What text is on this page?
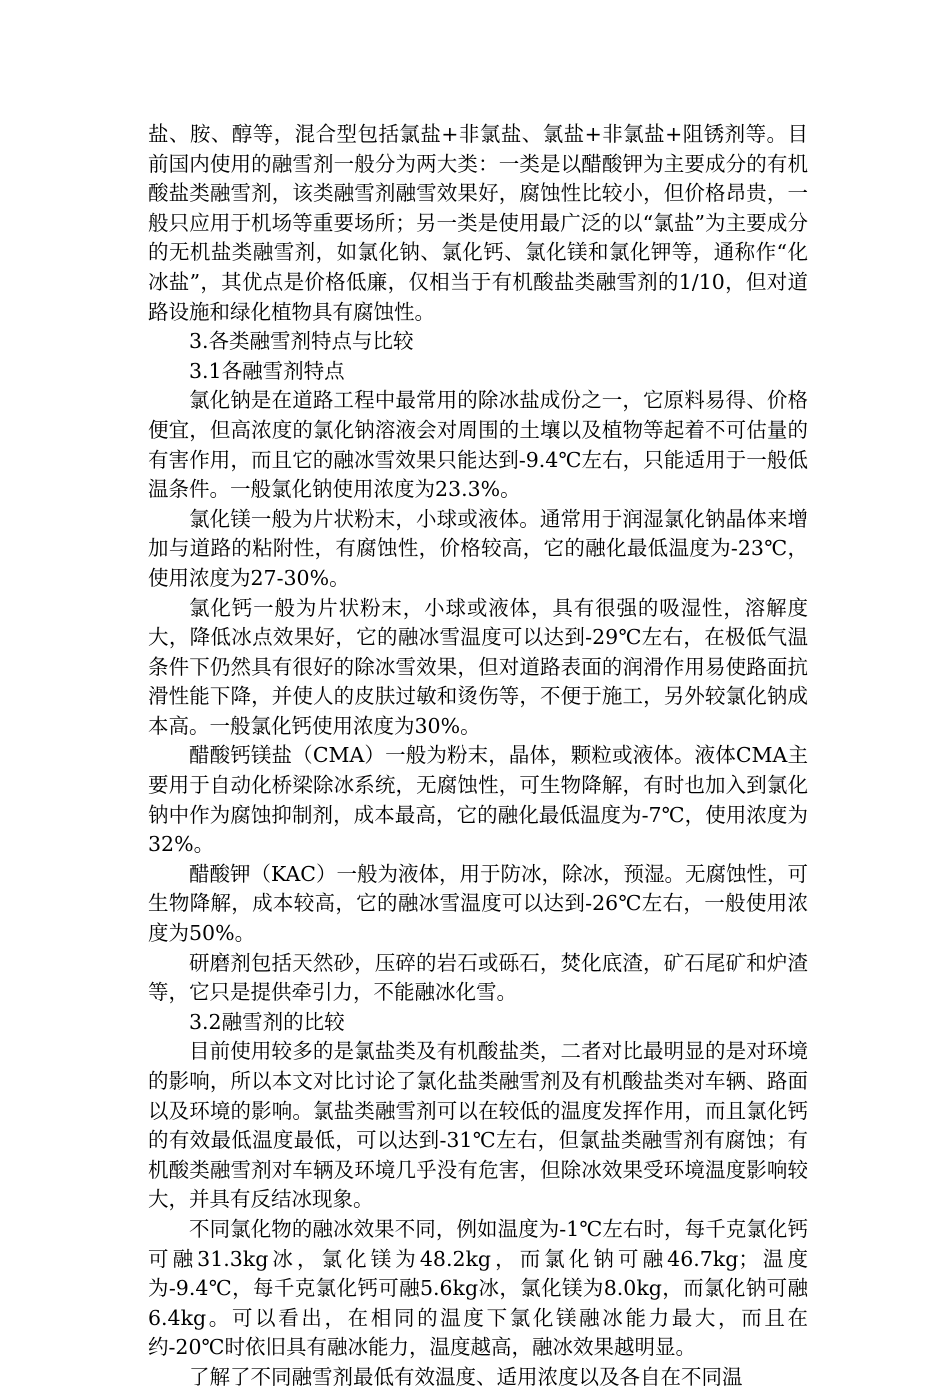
盐、胺、醇等，混合型包括氯盐+非氯盐、氯盐+非氯盐+阻锈剂等。目前国内使用的融雪剂一般分为两大类：一类是以醋酸钾为主要成分的有机酸盐类融雪剂，该类融雪剂融雪效果好，腐蚀性比较小，但价格昂贵，一般只应用于机场等重要场所；另一类是使用最广泛的以“氯盐”为主要成分的无机盐类融雪剂，如氯化钠、氯化钙、氯化镁和氯化钾等，通称作“化冰盐”，其优点是价格低廉，仅相当于有机酸盐类融雪剂的1/10，但对道路设施和绿化植物具有腐蚀性。

3.各类融雪剂特点与比较

3.1各融雪剂特点

氯化钠是在道路工程中最常用的除冰盐成份之一，它原料易得、价格便宜，但高浓度的氯化钠溶液会对周围的土壤以及植物等起着不可估量的有害作用，而且它的融冰雪效果只能达到-9.4℃左右，只能适用于一般低温条件。一般氯化钠使用浓度为23.3%。

氯化镁一般为片状粉末，小球或液体。通常用于润湿氯化钠晶体来增加与道路的粘附性，有腐蚀性，价格较高，它的融化最低温度为-23℃，使用浓度为27-30%。

氯化钙一般为片状粉末，小球或液体，具有很强的吸湿性，溶解度大，降低冰点效果好，它的融冰雪温度可以达到-29℃左右，在极低气温条件下仍然具有很好的除冰雪效果，但对道路表面的润滑作用易使路面抗滑性能下降，并使人的皮肤过敏和烫伤等，不便于施工，另外较氯化钠成本高。一般氯化钙使用浓度为30%。

醋酸钙镁盐（CMA）一般为粉末，晶体，颗粒或液体。液体CMA主要用于自动化桥梁除冰系统，无腐蚀性，可生物降解，有时也加入到氯化钠中作为腐蚀抑制剂，成本最高，它的融化最低温度为-7℃，使用浓度为32%。

醋酸钾（KAC）一般为液体，用于防冰，除冰，预湿。无腐蚀性，可生物降解，成本较高，它的融冰雪温度可以达到-26℃左右，一般使用浓度为50%。

研磨剂包括天然砂，压碎的岩石或砾石，焚化底渣，矿石尾矿和炉渣等，它只是提供牵引力，不能融冰化雪。

3.2融雪剂的比较

目前使用较多的是氯盐类及有机酸盐类，二者对比最明显的是对环境的影响，所以本文对比讨论了氯化盐类融雪剂及有机酸盐类对车辆、路面以及环境的影响。氯盐类融雪剂可以在较低的温度发挥作用，而且氯化钙的有效最低温度最低，可以达到-31℃左右，但氯盐类融雪剂有腐蚀；有机酸类融雪剂对车辆及环境几乎没有危害，但除冰效果受环境温度影响较大，并具有反结冰现象。

不同氯化物的融冰效果不同，例如温度为-1℃左右时，每千克氯化钙可融31.3kg冰，氯化镁为48.2kg，而氯化钠可融46.7kg；温度为-9.4℃，每千克氯化钙可融5.6kg冰，氯化镁为8.0kg，而氯化钠可融6.4kg。可以看出，在相同的温度下氯化镁融冰能力最大，而且在约-20℃时依旧具有融冰能力，温度越高，融冰效果越明显。

了解了不同融雪剂最低有效温度、适用浓度以及各自在不同温
